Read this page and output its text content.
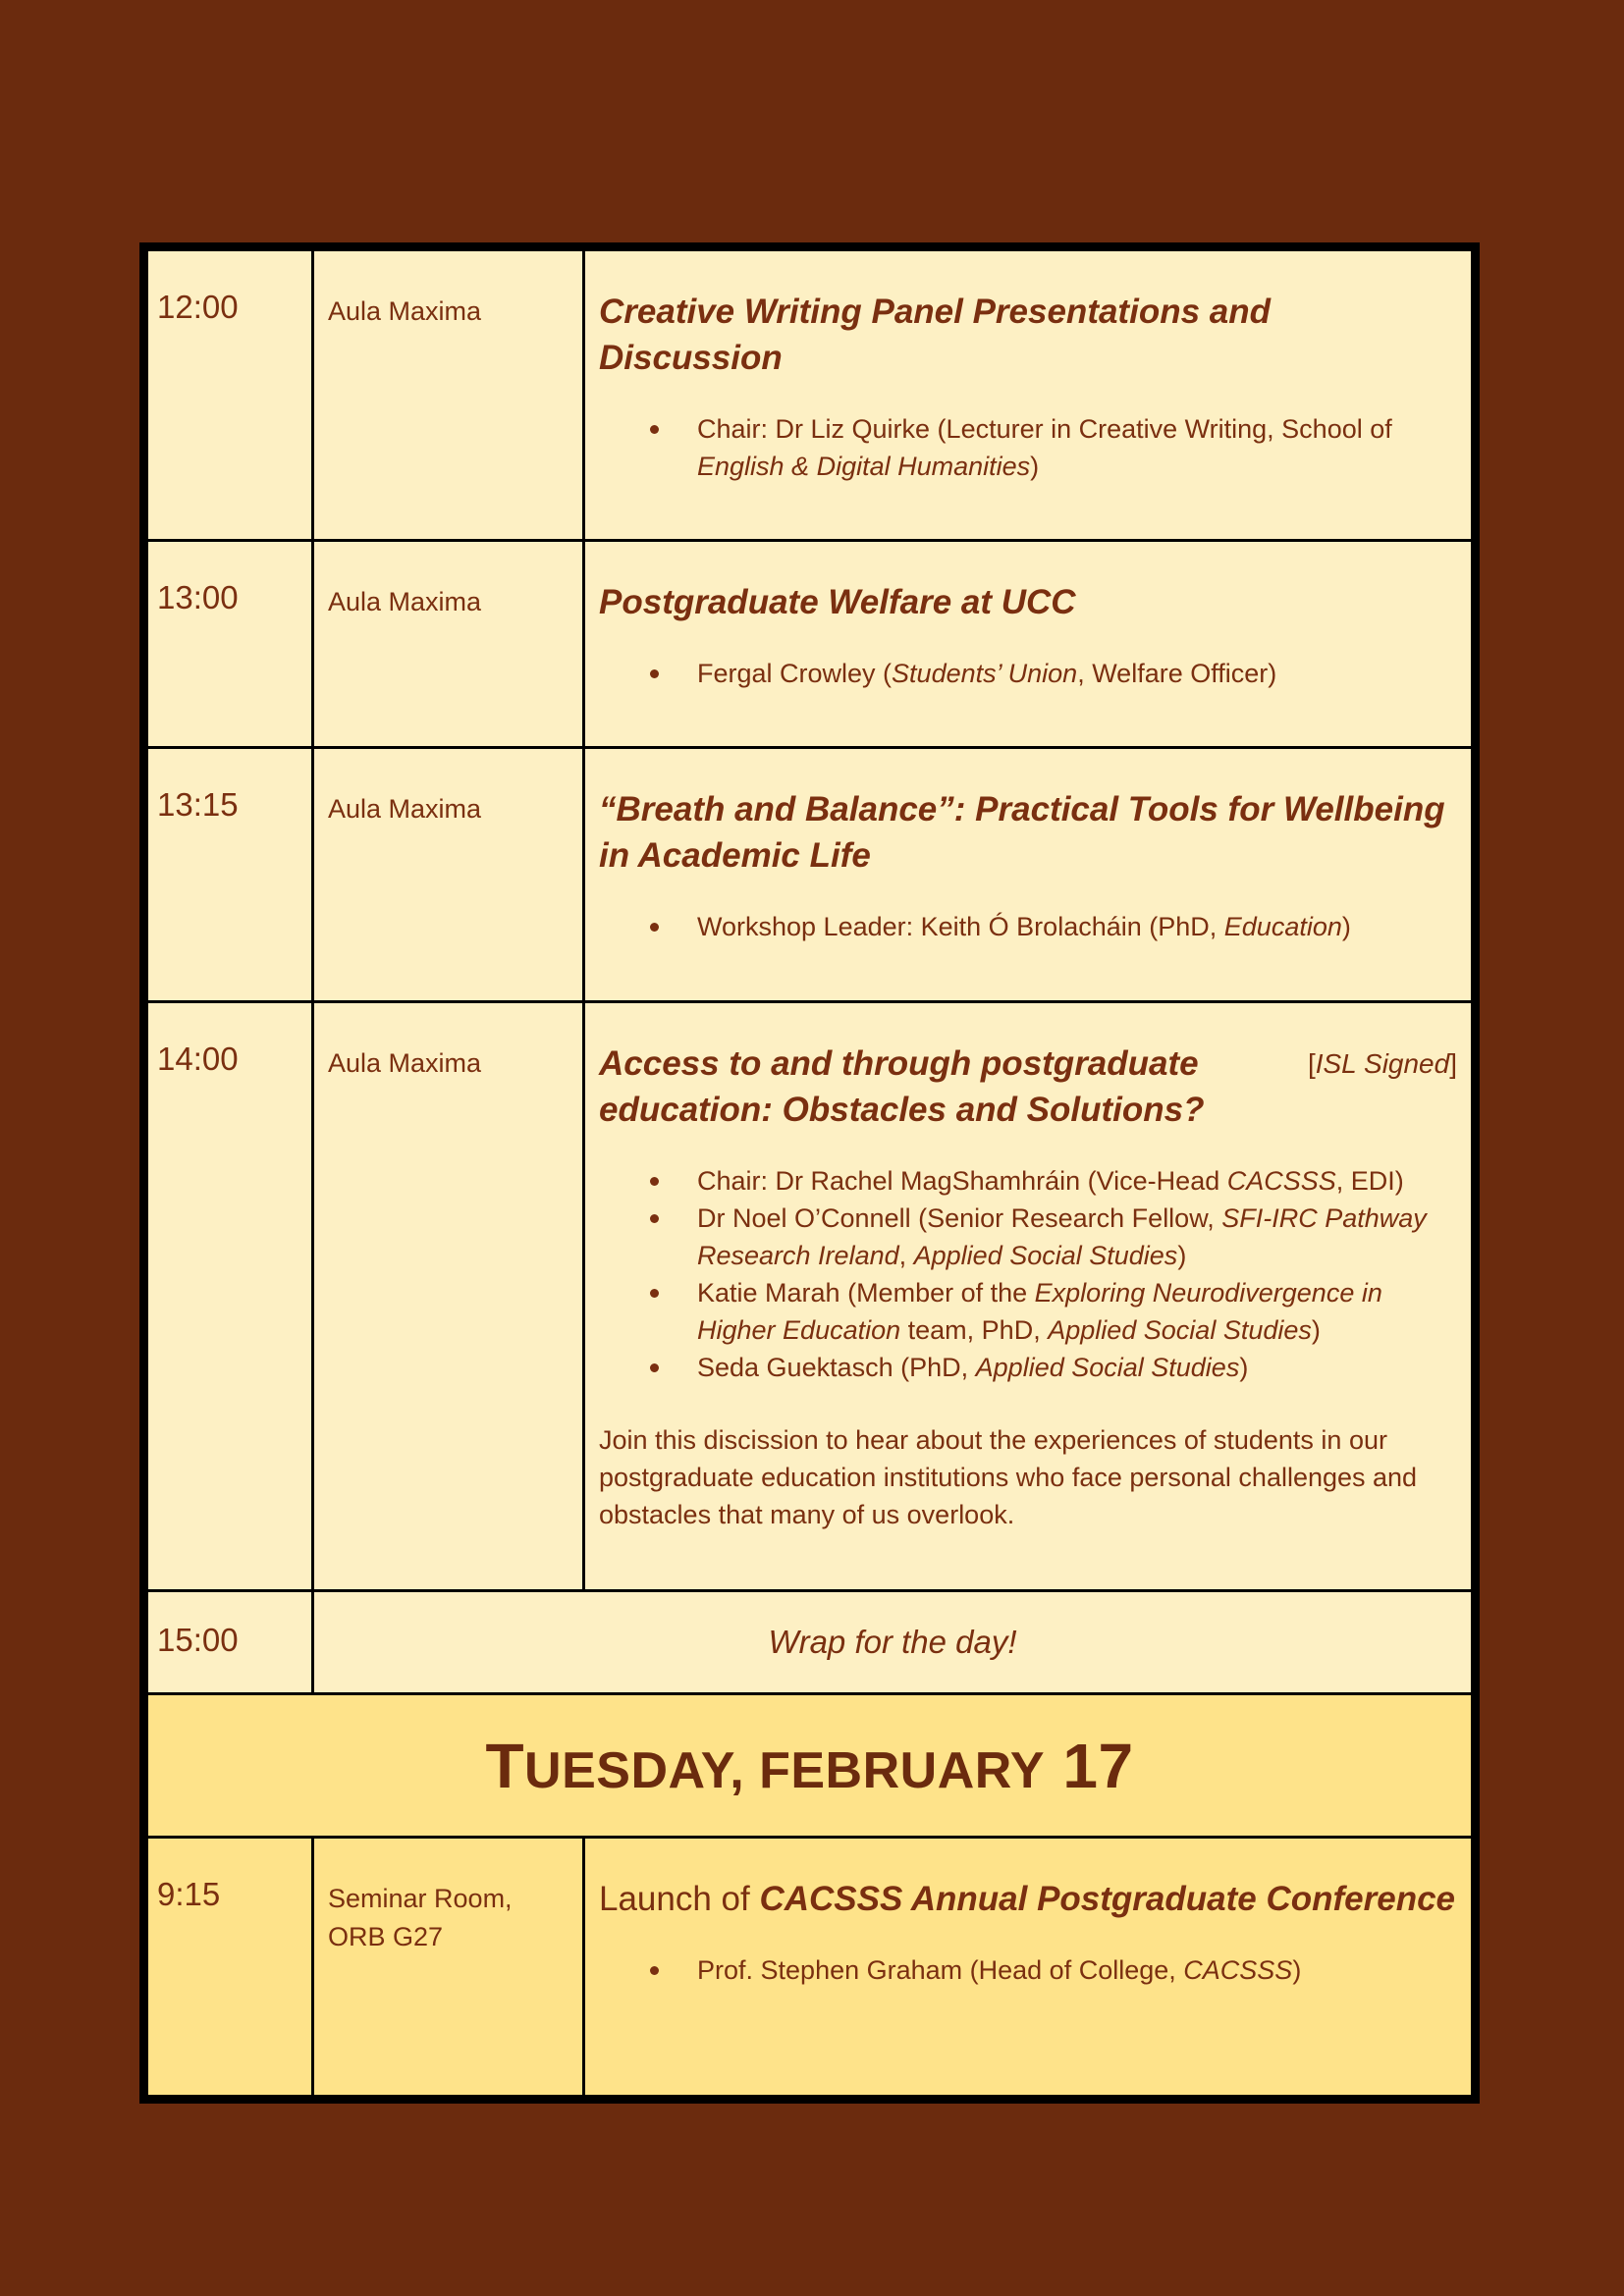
12:00	Aula Maxima	Creative Writing Panel Presentations and Discussion

Chair: Dr Liz Quirke (Lecturer in Creative Writing, School of English & Digital Humanities)
13:00	Aula Maxima	Postgraduate Welfare at UCC

Fergal Crowley (Students’ Union, Welfare Officer)
13:15	Aula Maxima	“Breath and Balance”: Practical Tools for Wellbeing in Academic Life

Workshop Leader: Keith Ó Brolacháin (PhD, Education)
14:00	Aula Maxima	[ISL Signed]
Access to and through postgraduate education: Obstacles and Solutions?

Chair: Dr Rachel MagShamhráin (Vice-Head CACSSS, EDI)
Dr Noel O’Connell (Senior Research Fellow, SFI-IRC Pathway Research Ireland, Applied Social Studies)
Katie Marah (Member of the Exploring Neurodivergence in Higher Education team, PhD, Applied Social Studies)
Seda Guektasch (PhD, Applied Social Studies)
Join this discission to hear about the experiences of students in our postgraduate education institutions who face personal challenges and obstacles that many of us overlook.
15:00	Wrap for the day!
TUESDAY, FEBRUARY 17
9:15	Seminar Room,
ORB G27

Launch of CACSSS Annual Postgraduate Conference

Prof. Stephen Graham (Head of College, CACSSS)
